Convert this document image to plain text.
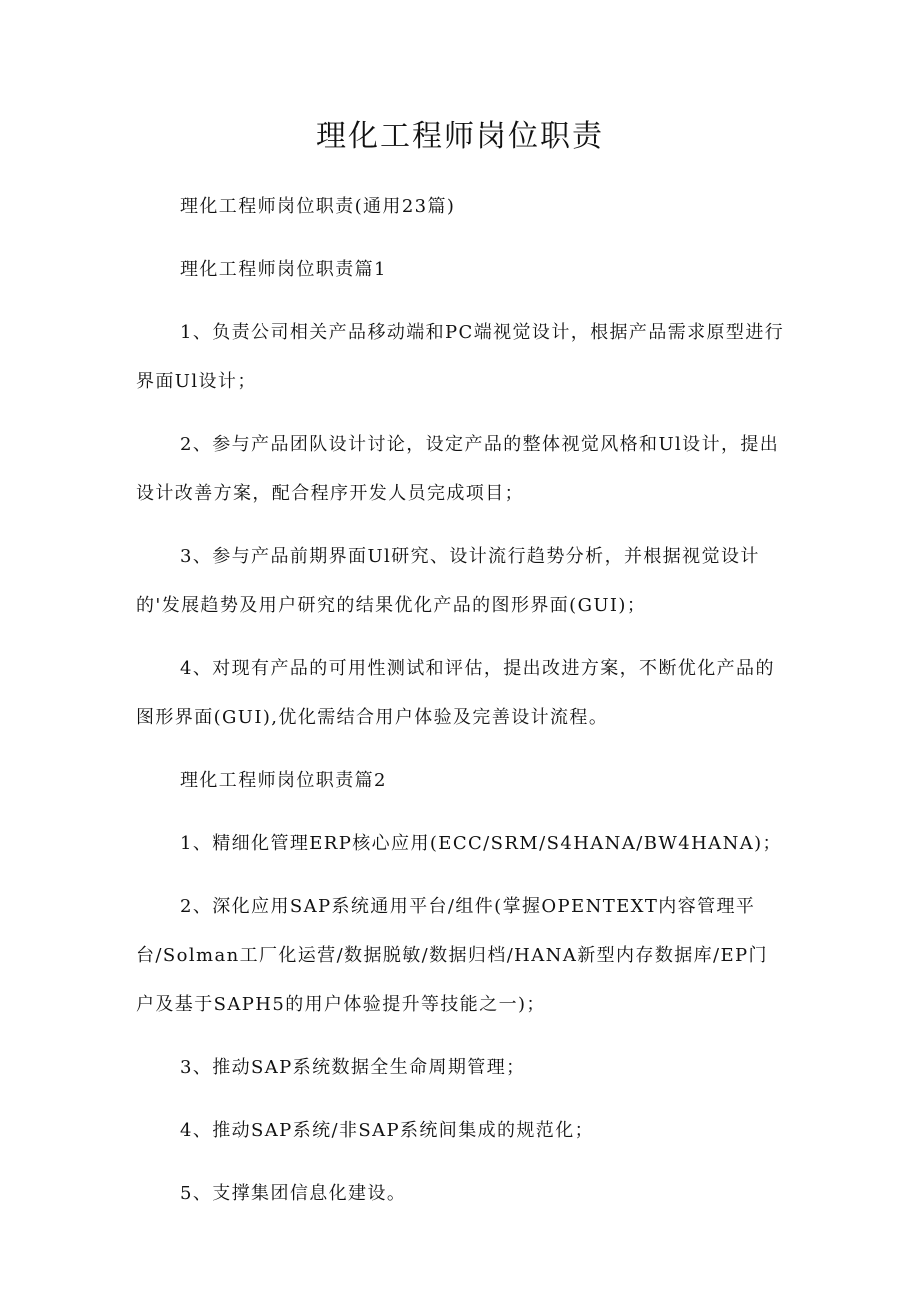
理化工程师岗位职责

理化工程师岗位职责(通用23篇)

理化工程师岗位职责篇1

1、负责公司相关产品移动端和PC端视觉设计，根据产品需求原型进行界面Ul设计；

2、参与产品团队设计讨论，设定产品的整体视觉风格和Ul设计，提出设计改善方案，配合程序开发人员完成项目；

3、参与产品前期界面Ul研究、设计流行趋势分析，并根据视觉设计的'发展趋势及用户研究的结果优化产品的图形界面(GUI)；

4、对现有产品的可用性测试和评估，提出改进方案，不断优化产品的图形界面(GUI),优化需结合用户体验及完善设计流程。

理化工程师岗位职责篇2

1、精细化管理ERP核心应用(ECC/SRM/S4HANA/BW4HANA)；

2、深化应用SAP系统通用平台/组件(掌握OPENTEXT内容管理平台/Solman工厂化运营/数据脱敏/数据归档/HANA新型内存数据库/EP门户及基于SAPH5的用户体验提升等技能之一)；

3、推动SAP系统数据全生命周期管理；

4、推动SAP系统/非SAP系统间集成的规范化；

5、支撑集团信息化建设。
